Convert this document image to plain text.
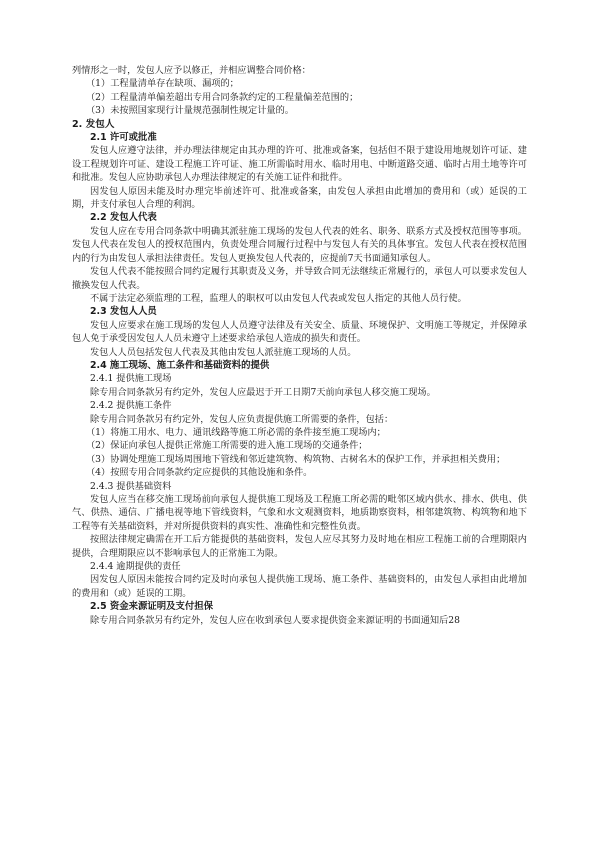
列情形之一时，发包人应予以修正，并相应调整合同价格：

（1）工程量清单存在缺项、漏项的；

（2）工程量清单偏差超出专用合同条款约定的工程量偏差范围的；

（3）未按照国家现行计量规范强制性规定计量的。

2. 发包人

2.1 许可或批准

发包人应遵守法律，并办理法律规定由其办理的许可、批准或备案，包括但不限于建设用地规划许可证、建设工程规划许可证、建设工程施工许可证、施工所需临时用水、临时用电、中断道路交通、临时占用土地等许可和批准。发包人应协助承包人办理法律规定的有关施工证件和批件。

因发包人原因未能及时办理完毕前述许可、批准或备案，由发包人承担由此增加的费用和（或）延误的工期，并支付承包人合理的利润。

2.2 发包人代表

发包人应在专用合同条款中明确其派驻施工现场的发包人代表的姓名、职务、联系方式及授权范围等事项。发包人代表在发包人的授权范围内，负责处理合同履行过程中与发包人有关的具体事宜。发包人代表在授权范围内的行为由发包人承担法律责任。发包人更换发包人代表的，应提前7天书面通知承包人。

发包人代表不能按照合同约定履行其职责及义务，并导致合同无法继续正常履行的，承包人可以要求发包人撤换发包人代表。

不属于法定必须监理的工程，监理人的职权可以由发包人代表或发包人指定的其他人员行使。

2.3 发包人人员

发包人应要求在施工现场的发包人人员遵守法律及有关安全、质量、环境保护、文明施工等规定，并保障承包人免于承受因发包人人员未遵守上述要求给承包人造成的损失和责任。

发包人人员包括发包人代表及其他由发包人派驻施工现场的人员。

2.4 施工现场、施工条件和基础资料的提供

2.4.1 提供施工现场

除专用合同条款另有约定外，发包人应最迟于开工日期7天前向承包人移交施工现场。

2.4.2 提供施工条件

除专用合同条款另有约定外，发包人应负责提供施工所需要的条件，包括：

（1）将施工用水、电力、通讯线路等施工所必需的条件接至施工现场内；

（2）保证向承包人提供正常施工所需要的进入施工现场的交通条件；

（3）协调处理施工现场周围地下管线和邻近建筑物、构筑物、古树名木的保护工作，并承担相关费用；

（4）按照专用合同条款约定应提供的其他设施和条件。

2.4.3 提供基础资料

发包人应当在移交施工现场前向承包人提供施工现场及工程施工所必需的毗邻区域内供水、排水、供电、供气、供热、通信、广播电视等地下管线资料，气象和水文观测资料，地质勘察资料，相邻建筑物、构筑物和地下工程等有关基础资料，并对所提供资料的真实性、准确性和完整性负责。

按照法律规定确需在开工后方能提供的基础资料，发包人应尽其努力及时地在相应工程施工前的合理期限内提供，合理期限应以不影响承包人的正常施工为限。

2.4.4 逾期提供的责任

因发包人原因未能按合同约定及时向承包人提供施工现场、施工条件、基础资料的，由发包人承担由此增加的费用和（或）延误的工期。

2.5 资金来源证明及支付担保

除专用合同条款另有约定外，发包人应在收到承包人要求提供资金来源证明的书面通知后28
